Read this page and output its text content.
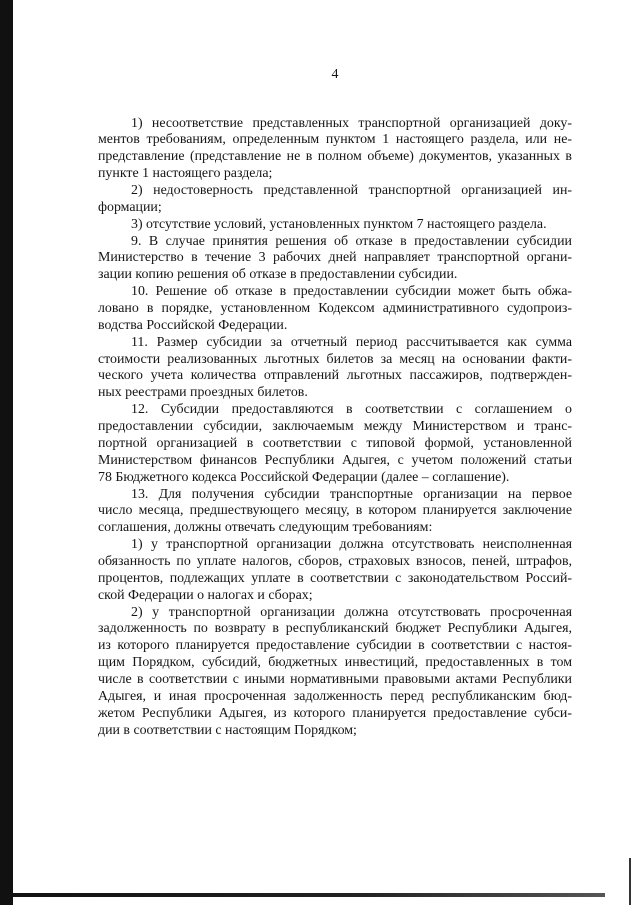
4
1) несоответствие представленных транспортной организацией доку-
ментов требованиям, определенным пунктом 1 настоящего раздела, или не-
представление (представление не в полном объеме) документов, указанных в
пункте 1 настоящего раздела;
2) недостоверность представленной транспортной организацией ин-
формации;
3) отсутствие условий, установленных пунктом 7 настоящего раздела.
9. В случае принятия решения об отказе в предоставлении субсидии
Министерство в течение 3 рабочих дней направляет транспортной органи-
зации копию решения об отказе в предоставлении субсидии.
10. Решение об отказе в предоставлении субсидии может быть обжа-
ловано в порядке, установленном Кодексом административного судопроиз-
водства Российской Федерации.
11. Размер субсидии за отчетный период рассчитывается как сумма
стоимости реализованных льготных билетов за месяц на основании факти-
ческого учета количества отправлений льготных пассажиров, подтвержден-
ных реестрами проездных билетов.
12. Субсидии предоставляются в соответствии с соглашением о
предоставлении субсидии, заключаемым между Министерством и транс-
портной организацией в соответствии с типовой формой, установленной
Министерством финансов Республики Адыгея, с учетом положений статьи
78 Бюджетного кодекса Российской Федерации (далее – соглашение).
13. Для получения субсидии транспортные организации на первое
число месяца, предшествующего месяцу, в котором планируется заключение
соглашения, должны отвечать следующим требованиям:
1) у транспортной организации должна отсутствовать неисполненная
обязанность по уплате налогов, сборов, страховых взносов, пеней, штрафов,
процентов, подлежащих уплате в соответствии с законодательством Россий-
ской Федерации о налогах и сборах;
2) у транспортной организации должна отсутствовать просроченная
задолженность по возврату в республиканский бюджет Республики Адыгея,
из которого планируется предоставление субсидии в соответствии с настоя-
щим Порядком, субсидий, бюджетных инвестиций, предоставленных в том
числе в соответствии с иными нормативными правовыми актами Республики
Адыгея, и иная просроченная задолженность перед республиканским бюд-
жетом Республики Адыгея, из которого планируется предоставление субси-
дии в соответствии с настоящим Порядком;
